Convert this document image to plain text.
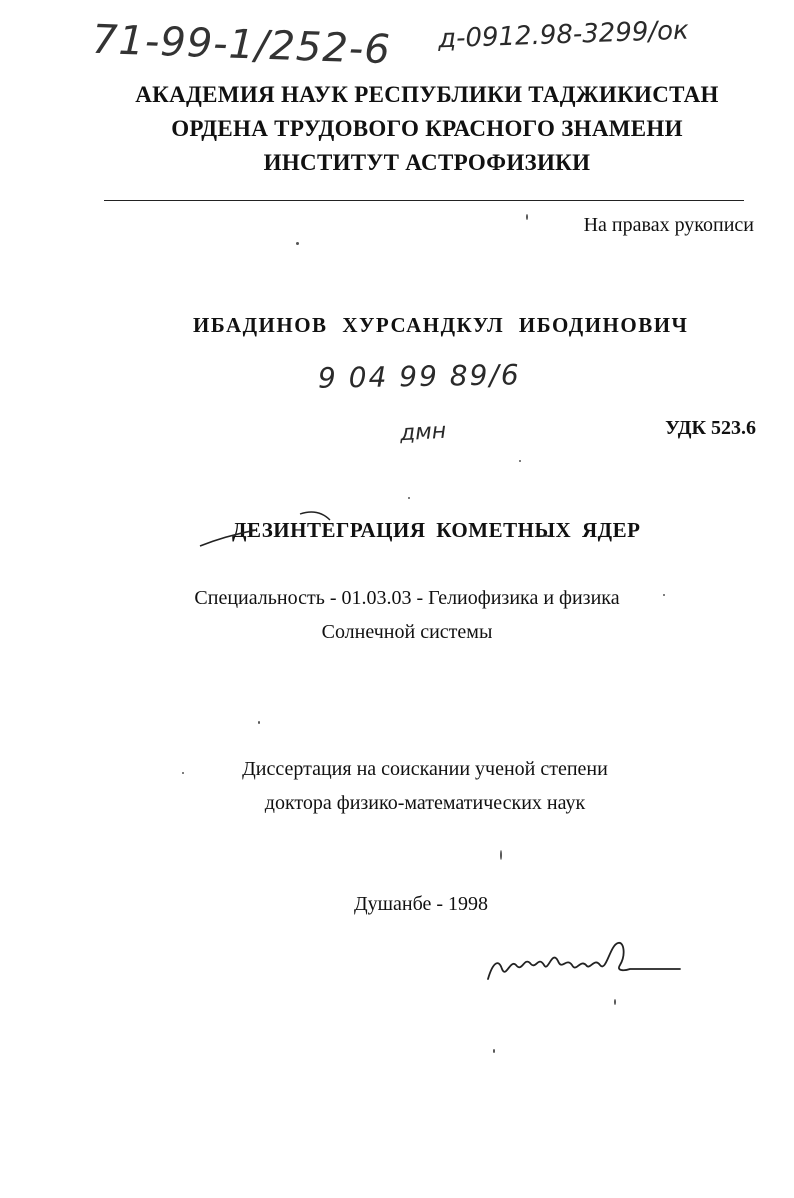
71-99-1/252-6 д-0912.98-3299/ок
АКАДЕМИЯ НАУК РЕСПУБЛИКИ ТАДЖИКИСТАН
ОРДЕНА ТРУДОВОГО КРАСНОГО ЗНАМЕНИ
ИНСТИТУТ АСТРОФИЗИКИ
На правах рукописи
ИБАДИНОВ ХУРСАНДКУЛ ИБОДИНОВИЧ
9 04 99 89/6
дмн	УДК 523.6
ДЕЗИНТЕГРАЦИЯ КОМЕТНЫХ ЯДЕР
Специальность - 01.03.03 - Гелиофизика и физика
Солнечной системы
Диссертация на соискании ученой степени
доктора физико-математических наук
Душанбе - 1998
